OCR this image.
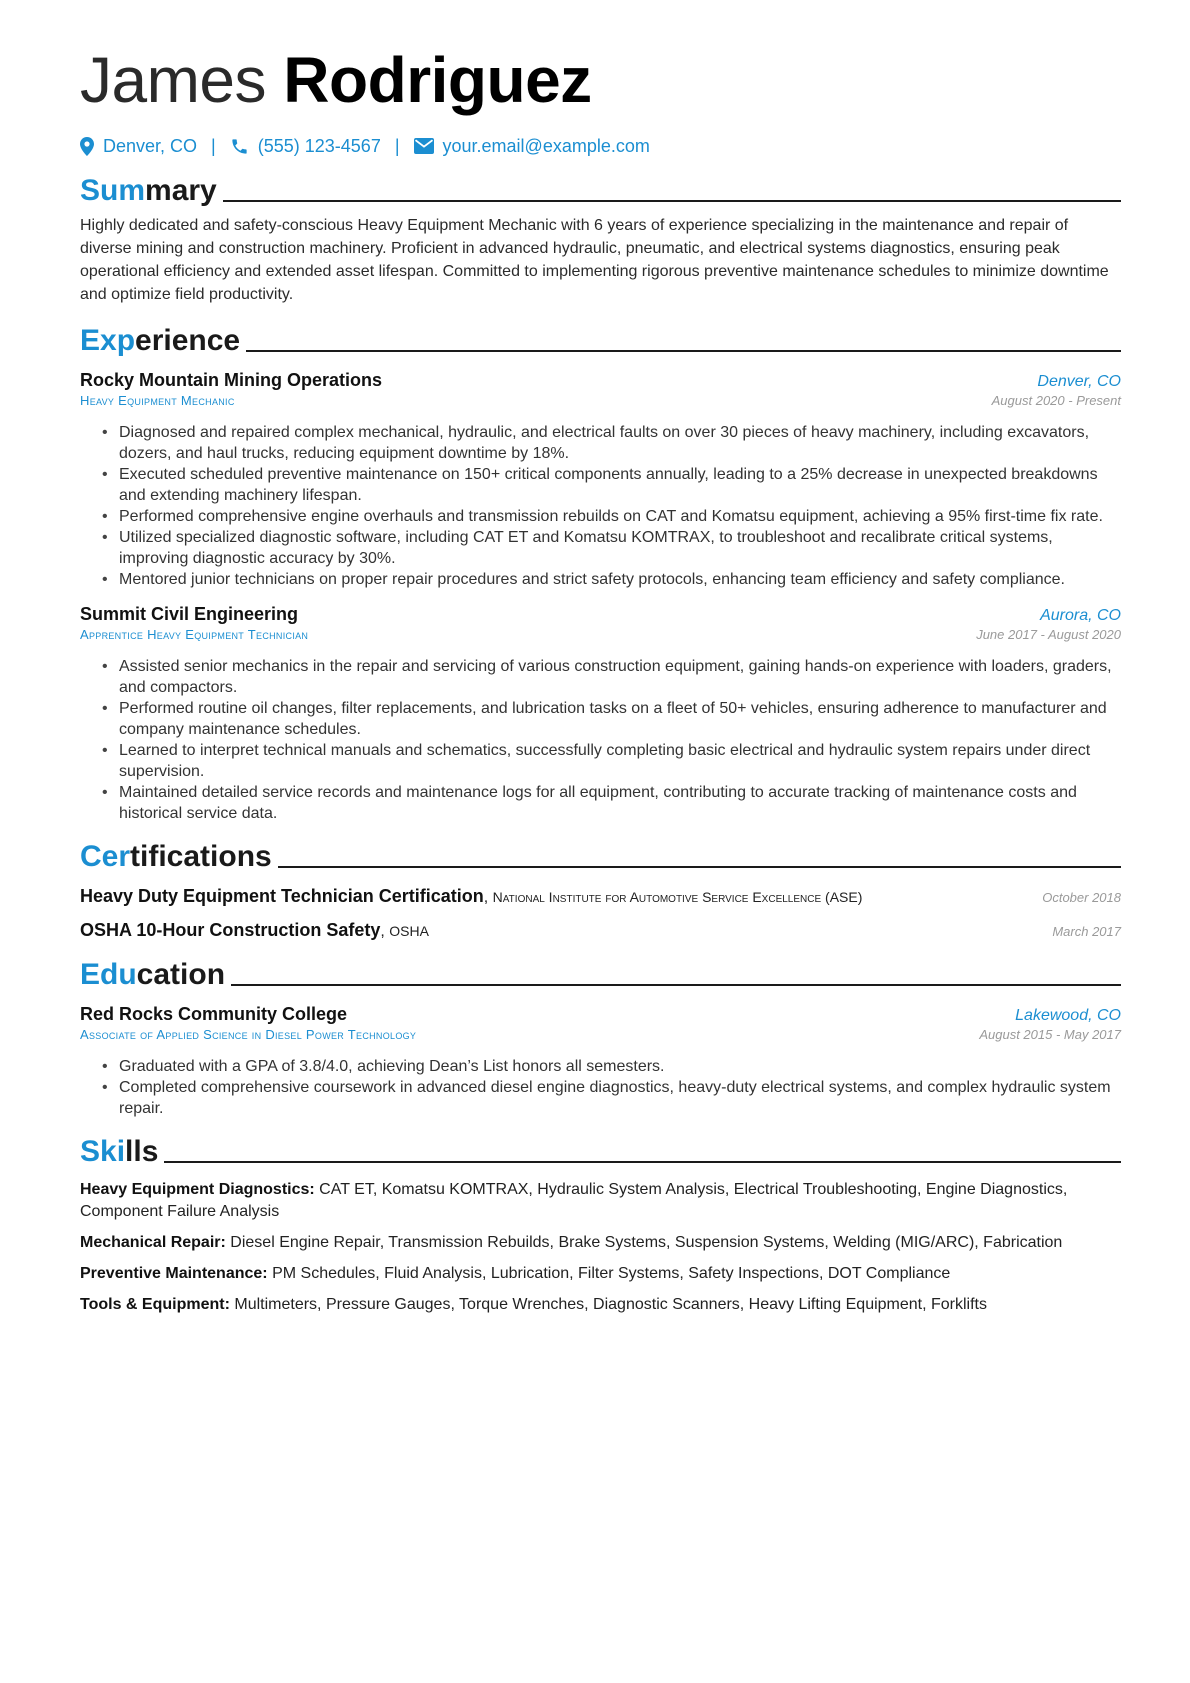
James Rodriguez
Denver, CO | (555) 123-4567 | your.email@example.com
Summary

Highly dedicated and safety-conscious Heavy Equipment Mechanic with 6 years of experience specializing in the maintenance and repair of diverse mining and construction machinery. Proficient in advanced hydraulic, pneumatic, and electrical systems diagnostics, ensuring peak operational efficiency and extended asset lifespan. Committed to implementing rigorous preventive maintenance schedules to minimize downtime and optimize field productivity.

Experience
Rocky Mountain Mining Operations	Denver, CO
Heavy Equipment Mechanic	August 2020 - Present
• Diagnosed and repaired complex mechanical, hydraulic, and electrical faults on over 30 pieces of heavy machinery, including excavators, dozers, and haul trucks, reducing equipment downtime by 18%.
• Executed scheduled preventive maintenance on 150+ critical components annually, leading to a 25% decrease in unexpected breakdowns and extending machinery lifespan.
• Performed comprehensive engine overhauls and transmission rebuilds on CAT and Komatsu equipment, achieving a 95% first-time fix rate.
• Utilized specialized diagnostic software, including CAT ET and Komatsu KOMTRAX, to troubleshoot and recalibrate critical systems, improving diagnostic accuracy by 30%.
• Mentored junior technicians on proper repair procedures and strict safety protocols, enhancing team efficiency and safety compliance.
Summit Civil Engineering	Aurora, CO
Apprentice Heavy Equipment Technician	June 2017 - August 2020
• Assisted senior mechanics in the repair and servicing of various construction equipment, gaining hands-on experience with loaders, graders, and compactors.
• Performed routine oil changes, filter replacements, and lubrication tasks on a fleet of 50+ vehicles, ensuring adherence to manufacturer and company maintenance schedules.
• Learned to interpret technical manuals and schematics, successfully completing basic electrical and hydraulic system repairs under direct supervision.
• Maintained detailed service records and maintenance logs for all equipment, contributing to accurate tracking of maintenance costs and historical service data.
Certifications
Heavy Duty Equipment Technician Certification, National Institute for Automotive Service Excellence (ASE)	October 2018
OSHA 10-Hour Construction Safety, OSHA	March 2017
Education
Red Rocks Community College	Lakewood, CO
Associate of Applied Science in Diesel Power Technology	August 2015 - May 2017
• Graduated with a GPA of 3.8/4.0, achieving Dean’s List honors all semesters.
• Completed comprehensive coursework in advanced diesel engine diagnostics, heavy-duty electrical systems, and complex hydraulic system repair.
Skills

Heavy Equipment Diagnostics: CAT ET, Komatsu KOMTRAX, Hydraulic System Analysis, Electrical Troubleshooting, Engine Diagnostics, Component Failure Analysis

Mechanical Repair: Diesel Engine Repair, Transmission Rebuilds, Brake Systems, Suspension Systems, Welding (MIG/ARC), Fabrication

Preventive Maintenance: PM Schedules, Fluid Analysis, Lubrication, Filter Systems, Safety Inspections, DOT Compliance

Tools & Equipment: Multimeters, Pressure Gauges, Torque Wrenches, Diagnostic Scanners, Heavy Lifting Equipment, Forklifts
